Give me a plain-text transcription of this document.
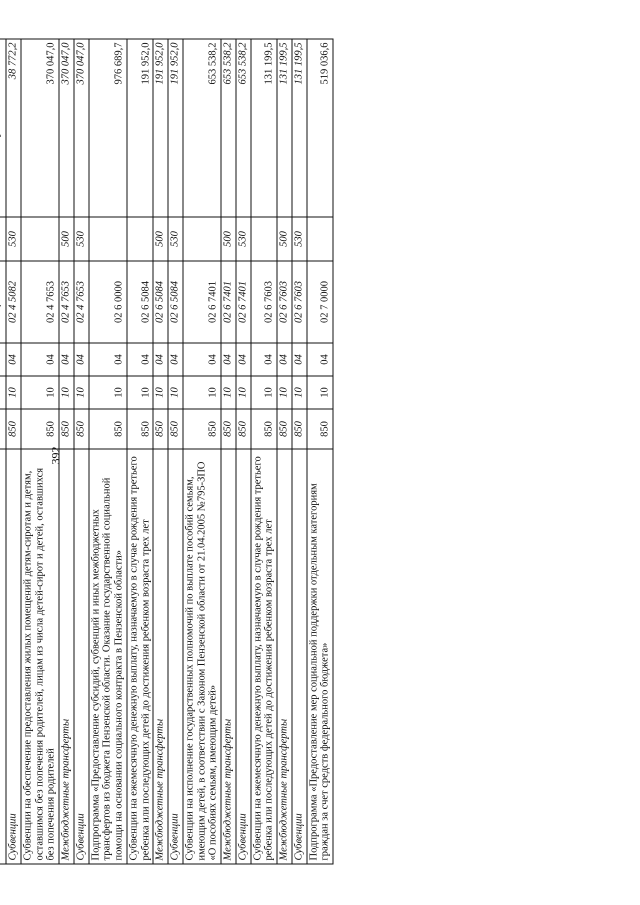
392

Субвенции	850	10	04	02 4 5082	530	38 772,2
Субвенции на обеспечение предоставления жилых помещений детям-сиротам и детям, оставшимся без попечения родителей, лицам из числа детей-сирот и детей, оставшихся без попечения родителей	850	10	04	02 4 7653		370 047,0
Межбюджетные трансферты	850	10	04	02 4 7653	500	370 047,0
Субвенции	850	10	04	02 4 7653	530	370 047,0
Подпрограмма «Предоставление субсидий, субвенций и иных межбюджетных трансфертов из бюджета Пензенской области. Оказание государственной социальной помощи на основании социального контракта в Пензенской области»	850	10	04	02 6 0000		976 689,7
Субвенции на ежемесячную денежную выплату, назначаемую в случае рождения третьего ребенка или последующих детей до достижения ребенком возраста трех лет	850	10	04	02 6 5084		191 952,0
Межбюджетные трансферты	850	10	04	02 6 5084	500	191 952,0
Субвенции	850	10	04	02 6 5084	530	191 952,0
Субвенции на исполнение государственных полномочий по выплате пособий семьям, имеющим детей, в соответствии с Законом Пензенской области от 21.04.2005 №795-ЗПО «О пособиях семьям, имеющим детей»	850	10	04	02 6 7401		653 538,2
Межбюджетные трансферты	850	10	04	02 6 7401	500	653 538,2
Субвенции	850	10	04	02 6 7401	530	653 538,2
Субвенции на ежемесячную денежную выплату, назначаемую в случае рождения третьего ребенка или последующих детей до достижения ребенком возраста трех лет	850	10	04	02 6 7603		131 199,5
Межбюджетные трансферты	850	10	04	02 6 7603	500	131 199,5
Субвенции	850	10	04	02 6 7603	530	131 199,5
Подпрограмма «Предоставление мер социальной поддержки отдельным категориям граждан за счет средств федерального бюджета»	850	10	04	02 7 0000		519 036,6
